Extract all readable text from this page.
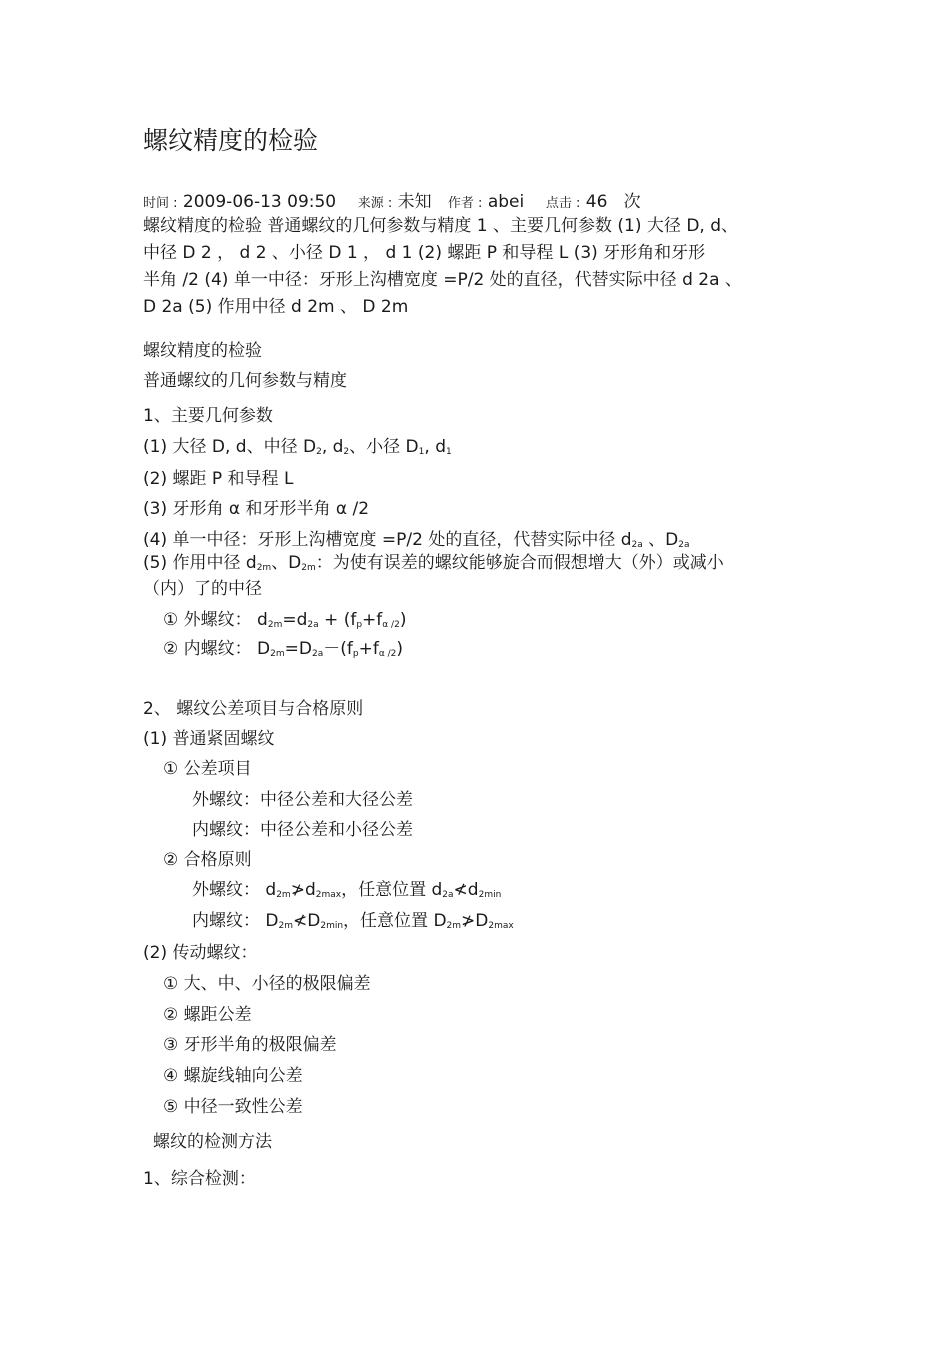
螺纹精度的检验
时间 : 2009-06-13 09:50 来源 : 未知 作者 : abei 点击 : 46 次
螺纹精度的检验 普通螺纹的几何参数与精度 1 、主要几何参数 (1) 大径 D, d、
中径 D 2 ， d 2 、小径 D 1 ， d 1 (2) 螺距 P 和导程 L (3) 牙形角和牙形
半角 /2 (4) 单一中径：牙形上沟槽宽度 =P/2 处的直径，代替实际中径 d 2a 、
D 2a (5) 作用中径 d 2m 、 D 2m
螺纹精度的检验
普通螺纹的几何参数与精度
1、主要几何参数
(1) 大径 D, d、中径 $D_2$, $d_2$、小径 $D_1$, $d_1$
(2) 螺距 P 和导程 L
(3) 牙形角 α 和牙形半角 α /2
(4) 单一中径：牙形上沟槽宽度 =P/2 处的直径，代替实际中径 $d_{2a}$ 、$D_{2a}$
(5) 作用中径 $d_{2m}$、$D_{2m}$：为使有误差的螺纹能够旋合而假想增大（外）或减小
（内）了的中径
① 外螺纹： $d_{2m}=d_{2a} + (f_p+f_{\alpha /2})$
② 内螺纹： $D_{2m}=D_{2a}-(f_p+f_{\alpha /2})$
2、 螺纹公差项目与合格原则
(1) 普通紧固螺纹
① 公差项目
外螺纹：中径公差和大径公差
内螺纹：中径公差和小径公差
② 合格原则
外螺纹： $d_{2m}≯d_{2max}$，任意位置 $d_{2a}≮d_{2min}$
内螺纹： $D_{2m}≮D_{2min}$，任意位置 $D_{2m}≯D_{2max}$
(2) 传动螺纹：
① 大、中、小径的极限偏差
② 螺距公差
③ 牙形半角的极限偏差
④ 螺旋线轴向公差
⑤ 中径一致性公差
螺纹的检测方法
1、综合检测：
